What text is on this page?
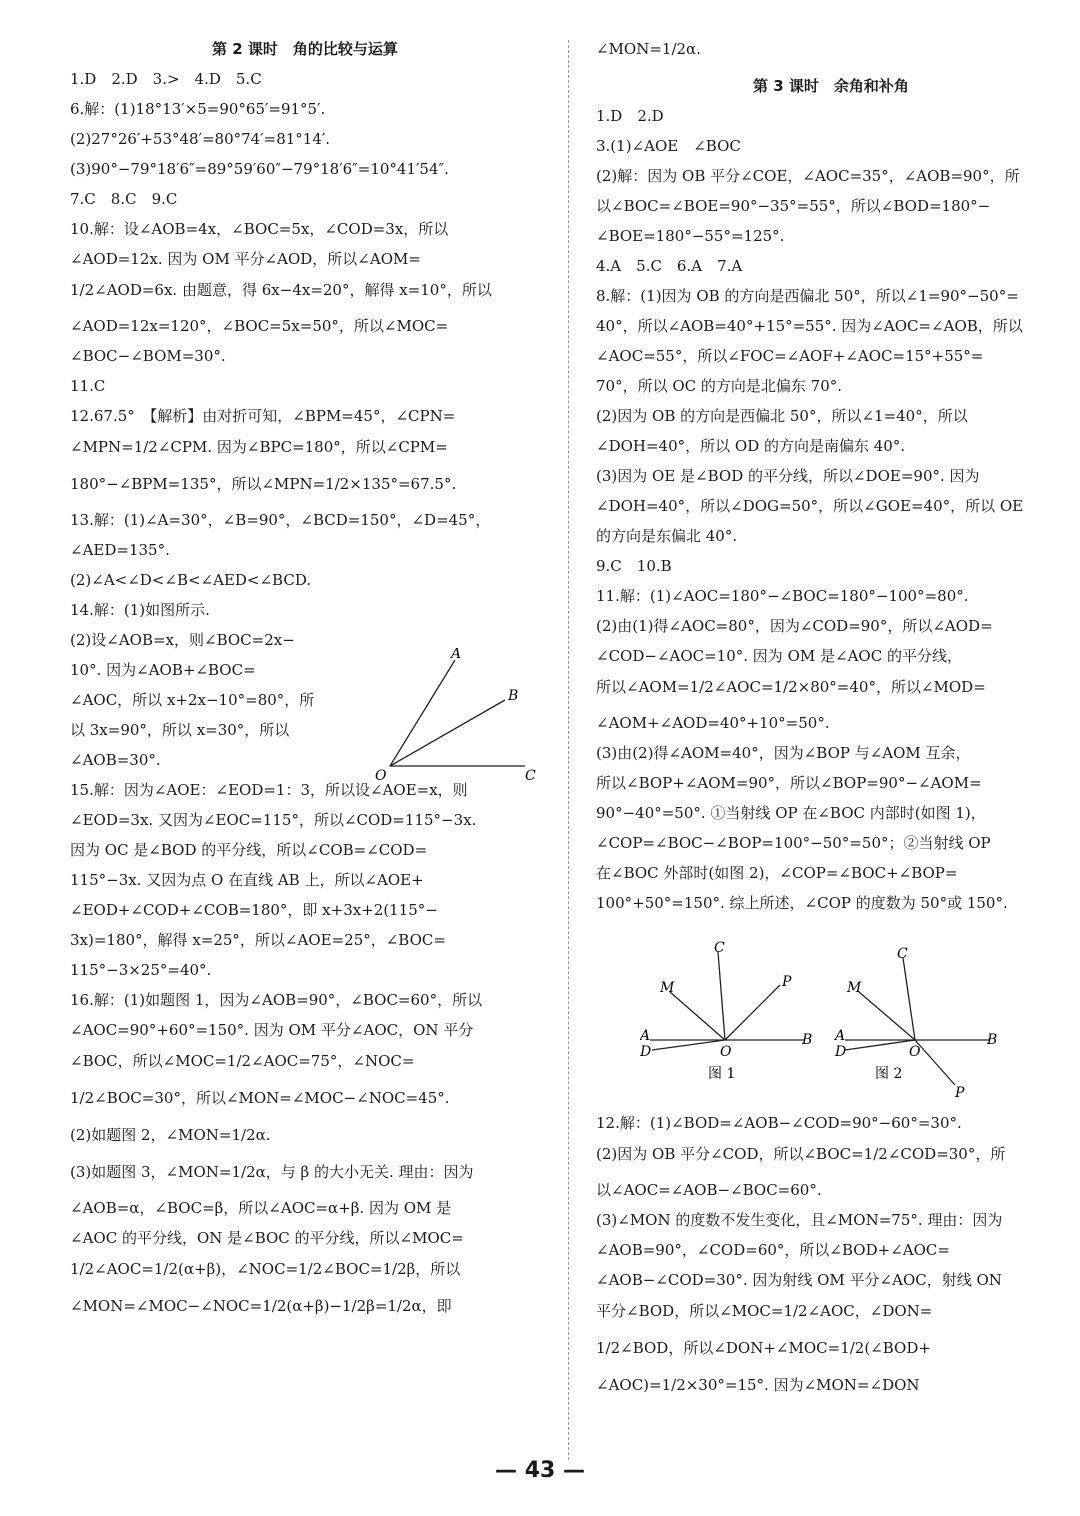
第 2 课时　角的比较与运算
1.D　2.D　3.>　4.D　5.C
6.解：(1)18°13′×5=90°65′=91°5′.
(2)27°26′+53°48′=80°74′=81°14′.
(3)90°−79°18′6″=89°59′60″−79°18′6″=10°41′54″.
7.C　8.C　9.C
10.解：设∠AOB=4x，∠BOC=5x，∠COD=3x，所以
∠AOD=12x. 因为 OM 平分∠AOD，所以∠AOM=
1/2∠AOD=6x. 由题意，得 6x−4x=20°，解得 x=10°，所以
∠AOD=12x=120°，∠BOC=5x=50°，所以∠MOC=
∠BOC−∠BOM=30°.
11.C
12.67.5°　【解析】由对折可知，∠BPM=45°，∠CPN=
∠MPN=1/2∠CPM. 因为∠BPC=180°，所以∠CPM=
180°−∠BPM=135°，所以∠MPN=1/2×135°=67.5°.
13.解：(1)∠A=30°，∠B=90°，∠BCD=150°，∠D=45°，
∠AED=135°.
(2)∠A<∠D<∠B<∠AED<∠BCD.
14.解：(1)如图所示.
(2)设∠AOB=x，则∠BOC=2x−
10°. 因为∠AOB+∠BOC=
∠AOC，所以 x+2x−10°=80°，所
以 3x=90°，所以 x=30°，所以
∠AOB=30°.
15.解：因为∠AOE：∠EOD=1：3，所以设∠AOE=x，则
∠EOD=3x. 又因为∠EOC=115°，所以∠COD=115°−3x.
因为 OC 是∠BOD 的平分线，所以∠COB=∠COD=
115°−3x. 又因为点 O 在直线 AB 上，所以∠AOE+
∠EOD+∠COD+∠COB=180°，即 x+3x+2(115°−
3x)=180°，解得 x=25°，所以∠AOE=25°，∠BOC=
115°−3×25°=40°.
16.解：(1)如题图 1，因为∠AOB=90°，∠BOC=60°，所以
∠AOC=90°+60°=150°. 因为 OM 平分∠AOC，ON 平分
∠BOC，所以∠MOC=1/2∠AOC=75°，∠NOC=
1/2∠BOC=30°，所以∠MON=∠MOC−∠NOC=45°.
(2)如题图 2，∠MON=1/2α.
(3)如题图 3，∠MON=1/2α，与 β 的大小无关. 理由：因为
∠AOB=α，∠BOC=β，所以∠AOC=α+β. 因为 OM 是
∠AOC 的平分线，ON 是∠BOC 的平分线，所以∠MOC=
1/2∠AOC=1/2(α+β)，∠NOC=1/2∠BOC=1/2β，所以
∠MON=∠MOC−∠NOC=1/2(α+β)−1/2β=1/2α，即
∠MON=1/2α.
第 3 课时　余角和补角
1.D　2.D
3.(1)∠AOE　∠BOC
(2)解：因为 OB 平分∠COE，∠AOC=35°，∠AOB=90°，所
以∠BOC=∠BOE=90°−35°=55°，所以∠BOD=180°−
∠BOE=180°−55°=125°.
4.A　5.C　6.A　7.A
8.解：(1)因为 OB 的方向是西偏北 50°，所以∠1=90°−50°=
40°，所以∠AOB=40°+15°=55°. 因为∠AOC=∠AOB，所以
∠AOC=55°，所以∠FOC=∠AOF+∠AOC=15°+55°=
70°，所以 OC 的方向是北偏东 70°.
(2)因为 OB 的方向是西偏北 50°，所以∠1=40°，所以
∠DOH=40°，所以 OD 的方向是南偏东 40°.
(3)因为 OE 是∠BOD 的平分线，所以∠DOE=90°. 因为
∠DOH=40°，所以∠DOG=50°，所以∠GOE=40°，所以 OE
的方向是东偏北 40°.
9.C　10.B
11.解：(1)∠AOC=180°−∠BOC=180°−100°=80°.
(2)由(1)得∠AOC=80°，因为∠COD=90°，所以∠AOD=
∠COD−∠AOC=10°. 因为 OM 是∠AOC 的平分线，
所以∠AOM=1/2∠AOC=1/2×80°=40°，所以∠MOD=
∠AOM+∠AOD=40°+10°=50°.
(3)由(2)得∠AOM=40°，因为∠BOP 与∠AOM 互余，
所以∠BOP+∠AOM=90°，所以∠BOP=90°−∠AOM=
90°−40°=50°. ①当射线 OP 在∠BOC 内部时(如图 1)，
∠COP=∠BOC−∠BOP=100°−50°=50°；②当射线 OP
在∠BOC 外部时(如图 2)，∠COP=∠BOC+∠BOP=
100°+50°=150°. 综上所述，∠COP 的度数为 50°或 150°.
12.解：(1)∠BOD=∠AOB−∠COD=90°−60°=30°.
(2)因为 OB 平分∠COD，所以∠BOC=1/2∠COD=30°，所
以∠AOC=∠AOB−∠BOC=60°.
(3)∠MON 的度数不发生变化，且∠MON=75°. 理由：因为
∠AOB=90°，∠COD=60°，所以∠BOD+∠AOC=
∠AOB−∠COD=30°. 因为射线 OM 平分∠AOC，射线 ON
平分∠BOD，所以∠MOC=1/2∠AOC，∠DON=
1/2∠BOD，所以∠DON+∠MOC=1/2(∠BOD+
∠AOC)=1/2×30°=15°. 因为∠MON=∠DON
A
B
O	C
C
M	P
A
D	O
B
图 1
C
M
A
D	O
B
P
图 2
— 43 —
